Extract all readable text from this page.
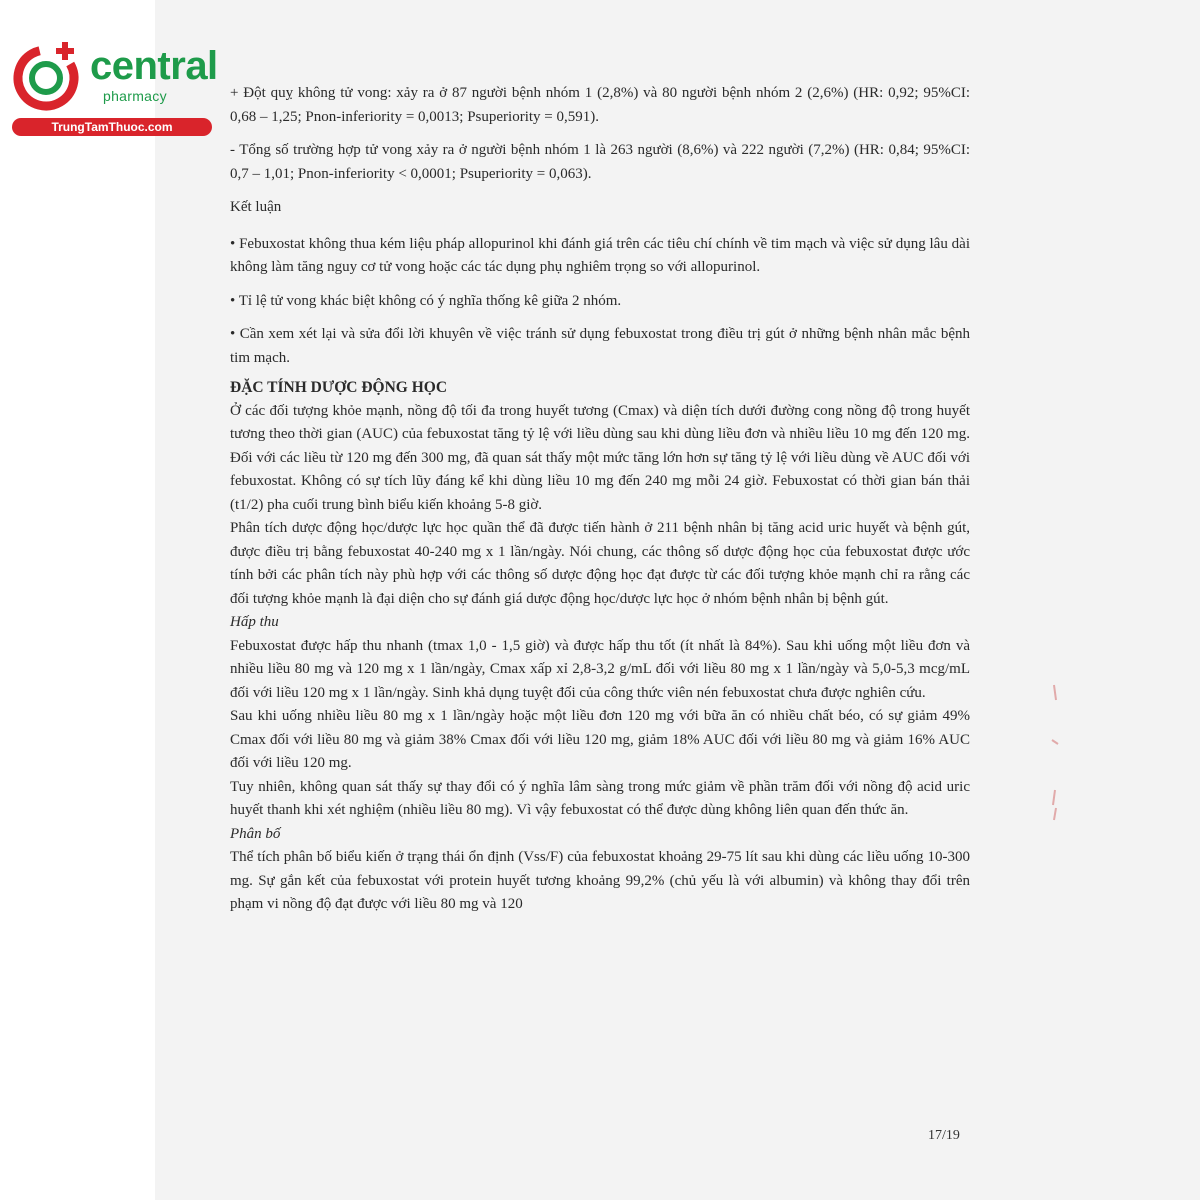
central
pharmacy
TrungTamThuoc.com

+ Đột quỵ không tử vong: xảy ra ở 87 người bệnh nhóm 1 (2,8%) và 80 người bệnh nhóm 2 (2,6%) (HR: 0,92; 95%CI: 0,68 – 1,25; Pnon-inferiority = 0,0013; Psuperiority = 0,591).

- Tổng số trường hợp tử vong xảy ra ở người bệnh nhóm 1 là 263 người (8,6%) và 222 người (7,2%) (HR: 0,84; 95%CI: 0,7 – 1,01; Pnon-inferiority < 0,0001; Psuperiority = 0,063).

Kết luận

• Febuxostat không thua kém liệu pháp allopurinol khi đánh giá trên các tiêu chí chính về tim mạch và việc sử dụng lâu dài không làm tăng nguy cơ tử vong hoặc các tác dụng phụ nghiêm trọng so với allopurinol.

• Tỉ lệ tử vong khác biệt không có ý nghĩa thống kê giữa 2 nhóm.

• Cần xem xét lại và sửa đổi lời khuyên về việc tránh sử dụng febuxostat trong điều trị gút ở những bệnh nhân mắc bệnh tim mạch.

ĐẶC TÍNH DƯỢC ĐỘNG HỌC

Ở các đối tượng khỏe mạnh, nồng độ tối đa trong huyết tương (Cmax) và diện tích dưới đường cong nồng độ trong huyết tương theo thời gian (AUC) của febuxostat tăng tỷ lệ với liều dùng sau khi dùng liều đơn và nhiều liều 10 mg đến 120 mg. Đối với các liều từ 120 mg đến 300 mg, đã quan sát thấy một mức tăng lớn hơn sự tăng tỷ lệ với liều dùng về AUC đối với febuxostat. Không có sự tích lũy đáng kể khi dùng liều 10 mg đến 240 mg mỗi 24 giờ. Febuxostat có thời gian bán thải (t1/2) pha cuối trung bình biểu kiến khoảng 5-8 giờ.

Phân tích dược động học/dược lực học quần thể đã được tiến hành ở 211 bệnh nhân bị tăng acid uric huyết và bệnh gút, được điều trị bằng febuxostat 40-240 mg x 1 lần/ngày. Nói chung, các thông số dược động học của febuxostat được ước tính bởi các phân tích này phù hợp với các thông số dược động học đạt được từ các đối tượng khỏe mạnh chỉ ra rằng các đối tượng khỏe mạnh là đại diện cho sự đánh giá dược động học/dược lực học ở nhóm bệnh nhân bị bệnh gút.

Hấp thu

Febuxostat được hấp thu nhanh (tmax 1,0 - 1,5 giờ) và được hấp thu tốt (ít nhất là 84%). Sau khi uống một liều đơn và nhiều liều 80 mg và 120 mg x 1 lần/ngày, Cmax xấp xỉ 2,8-3,2 g/mL đối với liều 80 mg x 1 lần/ngày và 5,0-5,3 mcg/mL đối với liều 120 mg x 1 lần/ngày. Sinh khả dụng tuyệt đối của công thức viên nén febuxostat chưa được nghiên cứu.

Sau khi uống nhiều liều 80 mg x 1 lần/ngày hoặc một liều đơn 120 mg với bữa ăn có nhiều chất béo, có sự giảm 49% Cmax đối với liều 80 mg và giảm 38% Cmax đối với liều 120 mg, giảm 18% AUC đối với liều 80 mg và giảm 16% AUC đối với liều 120 mg.

Tuy nhiên, không quan sát thấy sự thay đổi có ý nghĩa lâm sàng trong mức giảm về phần trăm đối với nồng độ acid uric huyết thanh khi xét nghiệm (nhiều liều 80 mg). Vì vậy febuxostat có thể được dùng không liên quan đến thức ăn.

Phân bố

Thể tích phân bố biểu kiến ở trạng thái ổn định (Vss/F) của febuxostat khoảng 29-75 lít sau khi dùng các liều uống 10-300 mg. Sự gắn kết của febuxostat với protein huyết tương khoảng 99,2% (chủ yếu là với albumin) và không thay đổi trên phạm vi nồng độ đạt được với liều 80 mg và 120

17/19
